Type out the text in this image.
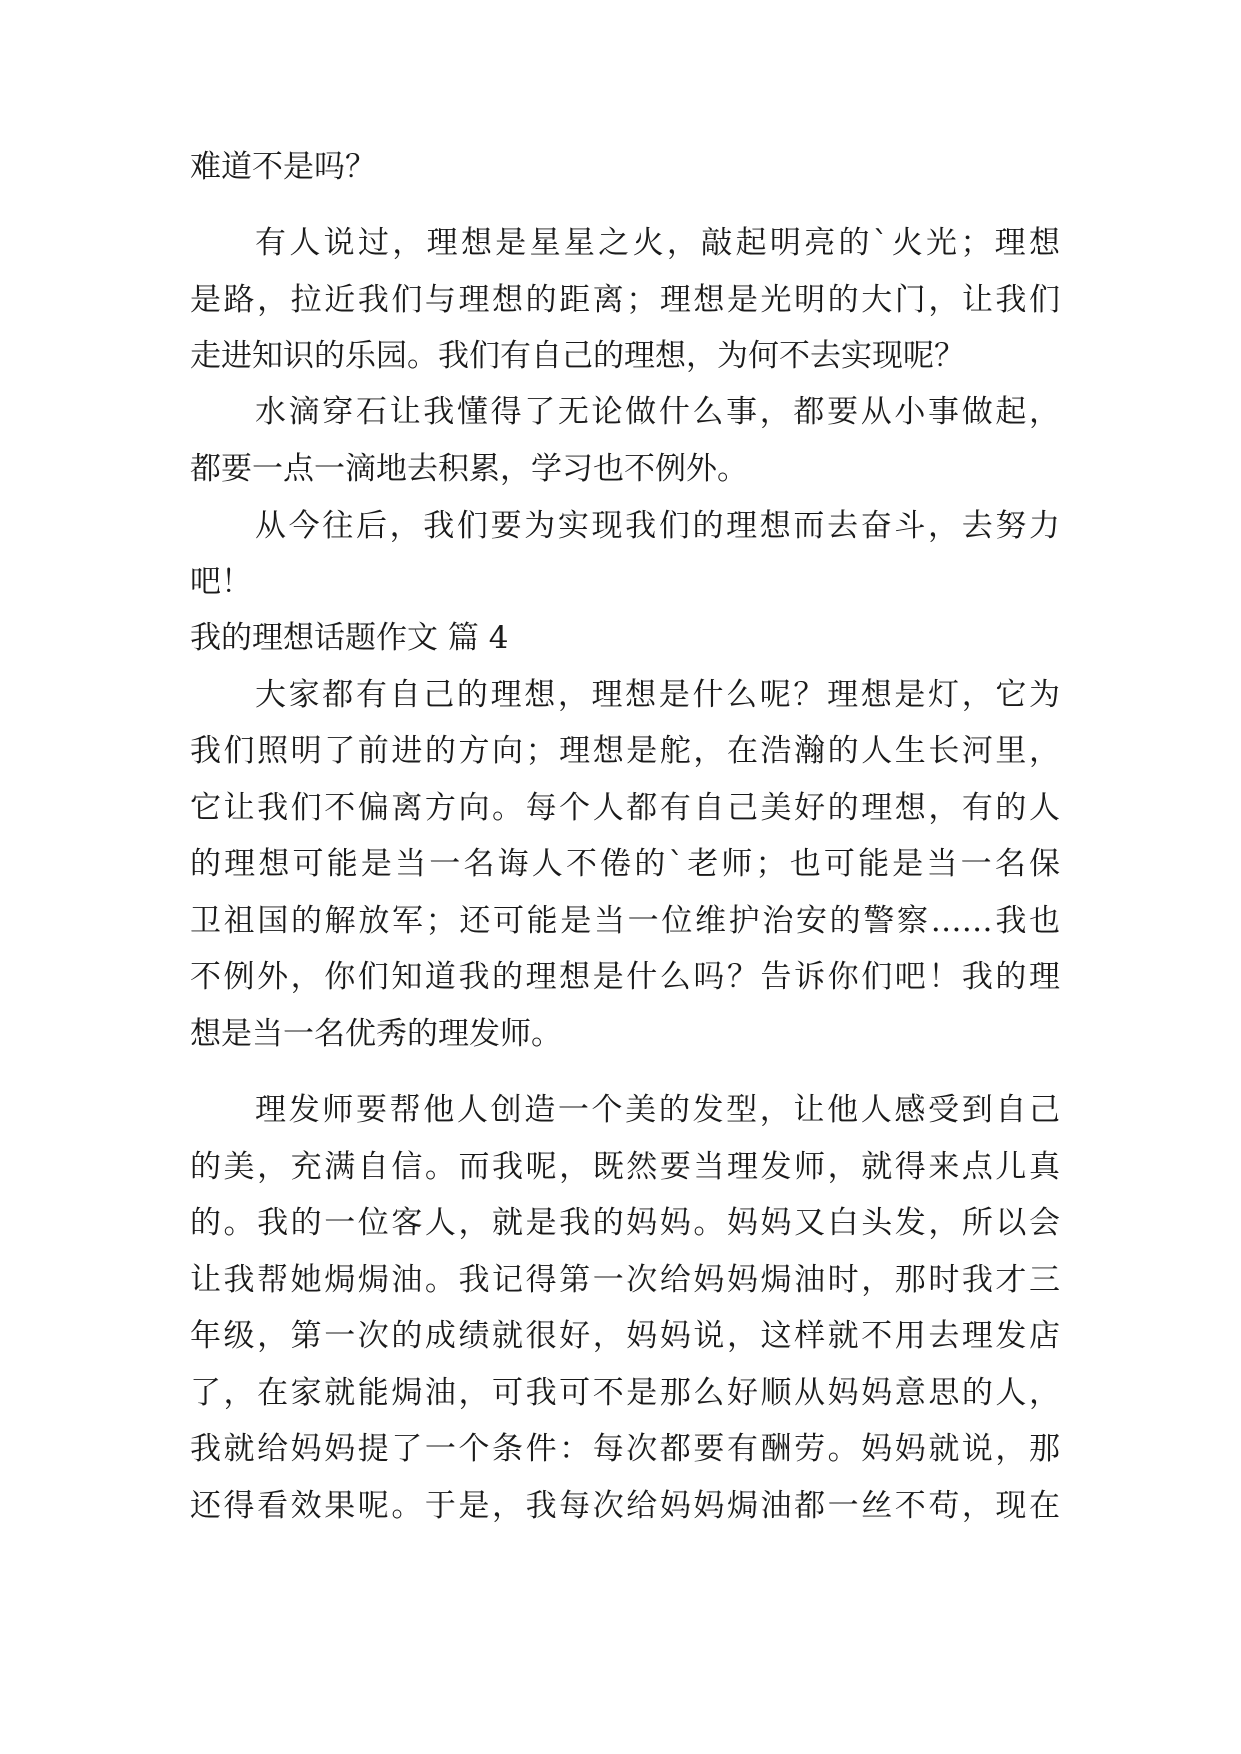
难道不是吗？

有人说过，理想是星星之火，敲起明亮的`火光；理想

是路，拉近我们与理想的距离；理想是光明的大门，让我们

走进知识的乐园。我们有自己的理想，为何不去实现呢？

水滴穿石让我懂得了无论做什么事，都要从小事做起，

都要一点一滴地去积累，学习也不例外。

从今往后，我们要为实现我们的理想而去奋斗，去努力

吧！

我的理想话题作文 篇 4

大家都有自己的理想，理想是什么呢？理想是灯，它为

我们照明了前进的方向；理想是舵，在浩瀚的人生长河里，

它让我们不偏离方向。每个人都有自己美好的理想，有的人

的理想可能是当一名诲人不倦的`老师；也可能是当一名保

卫祖国的解放军；还可能是当一位维护治安的警察……我也

不例外，你们知道我的理想是什么吗？告诉你们吧！我的理

想是当一名优秀的理发师。

理发师要帮他人创造一个美的发型，让他人感受到自己

的美，充满自信。而我呢，既然要当理发师，就得来点儿真

的。我的一位客人，就是我的妈妈。妈妈又白头发，所以会

让我帮她焗焗油。我记得第一次给妈妈焗油时，那时我才三

年级，第一次的成绩就很好，妈妈说，这样就不用去理发店

了，在家就能焗油，可我可不是那么好顺从妈妈意思的人，

我就给妈妈提了一个条件：每次都要有酬劳。妈妈就说，那

还得看效果呢。于是，我每次给妈妈焗油都一丝不苟，现在
